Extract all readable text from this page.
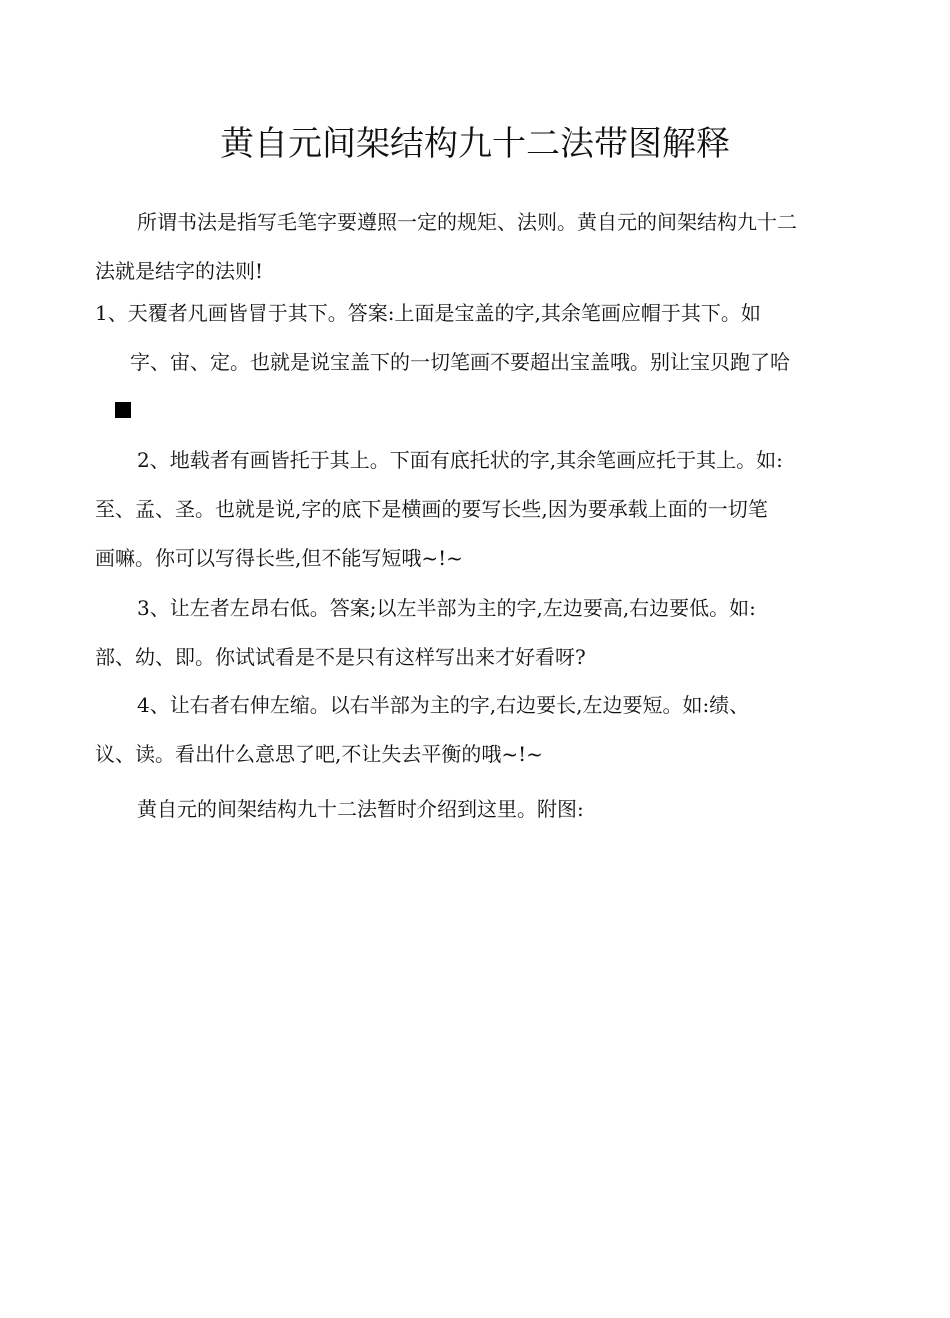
黄自元间架结构九十二法带图解释
所谓书法是指写毛笔字要遵照一定的规矩、法则。黄自元的间架结构九十二
法就是结字的法则!
1、天覆者凡画皆冒于其下。答案:上面是宝盖的字,其余笔画应帽于其下。如
字、宙、定。也就是说宝盖下的一切笔画不要超出宝盖哦。别让宝贝跑了哈
2、地载者有画皆托于其上。下面有底托状的字,其余笔画应托于其上。如:
至、孟、圣。也就是说,字的底下是横画的要写长些,因为要承载上面的一切笔
画嘛。你可以写得长些,但不能写短哦~!~
3、让左者左昂右低。答案;以左半部为主的字,左边要高,右边要低。如:
部、幼、即。你试试看是不是只有这样写出来才好看呀?
4、让右者右伸左缩。以右半部为主的字,右边要长,左边要短。如:绩、
议、读。看出什么意思了吧,不让失去平衡的哦~!~
黄自元的间架结构九十二法暂时介绍到这里。附图:
